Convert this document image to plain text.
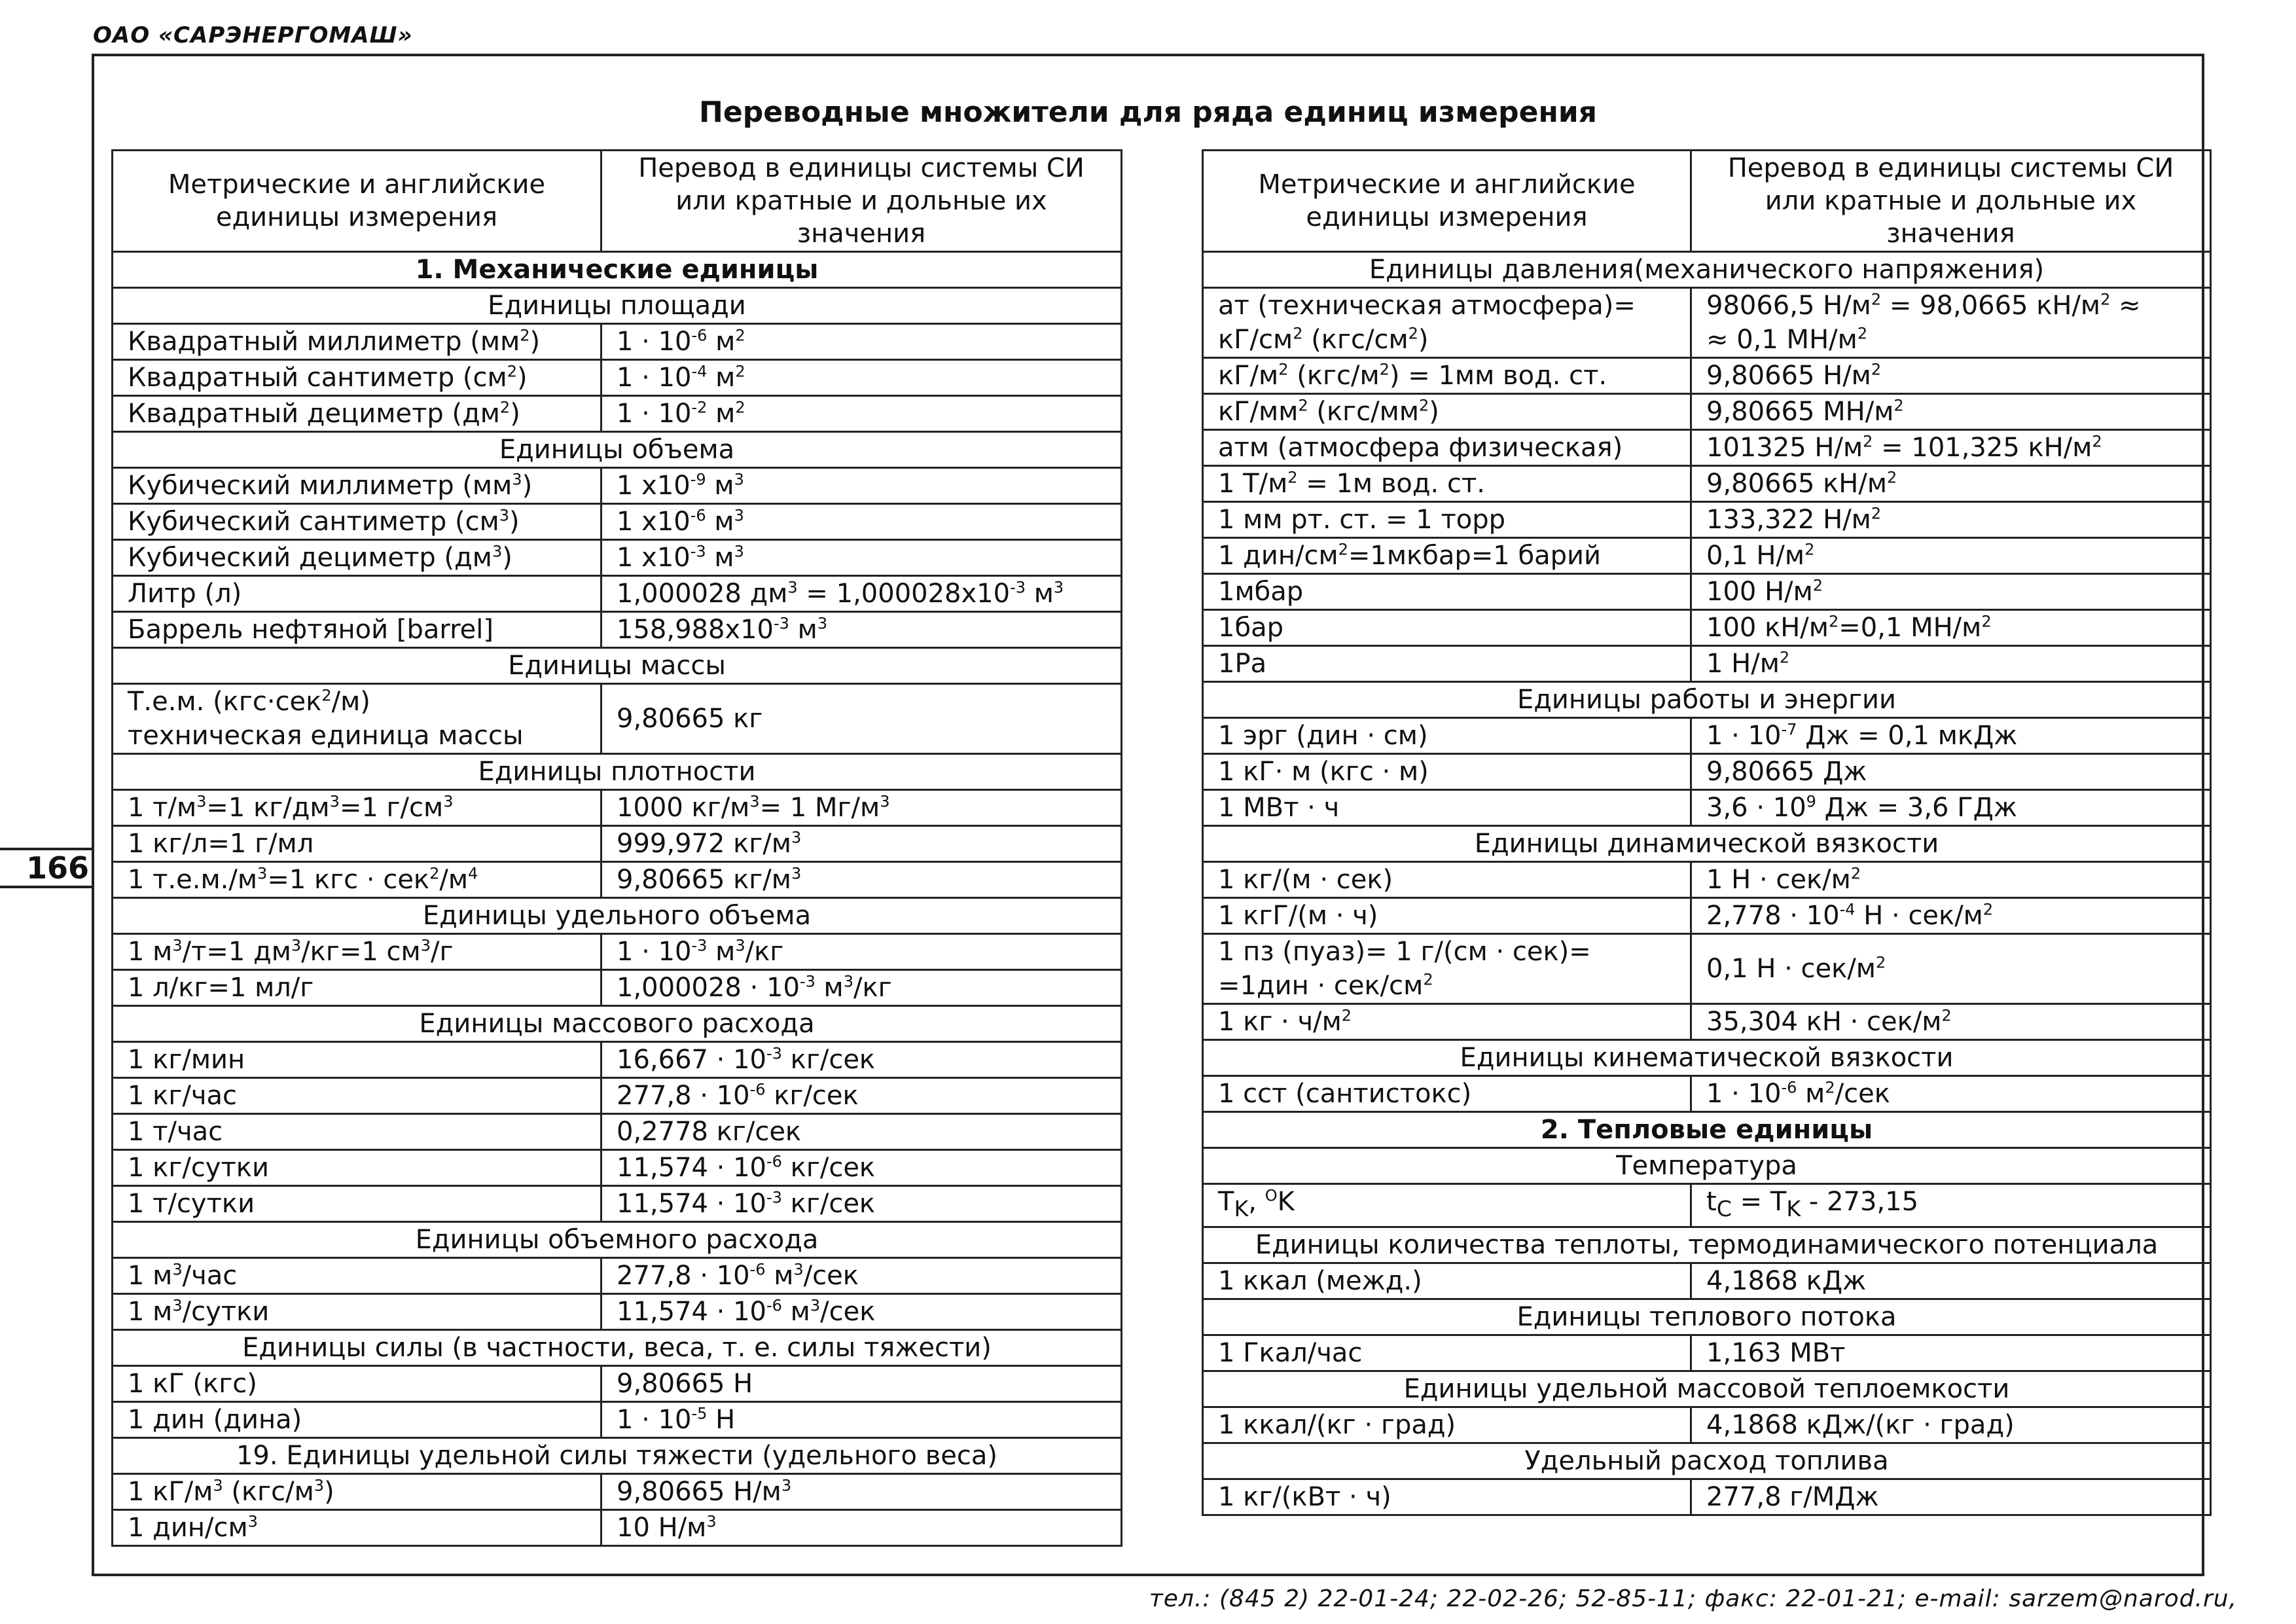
ОАО «САРЭНЕРГОМАШ»
Переводные множители для ряда единиц измерения
166
Метрические и английские единицы измерения	Перевод в единицы системы СИ или кратные и дольные их значения
1. Механические единицы	
Единицы площади	
Квадратный миллиметр $(мм^2)$	$1 \cdot 10^{-6}$ $м^2$
Квадратный сантиметр $(см^2)$	$1 \cdot 10^{-4}$ $м^2$
Квадратный дециметр $(дм^2)$	$1 \cdot 10^{-2}$ $м^2$
Единицы объема	
Кубический миллиметр $(мм^3)$	1 $x10^{-9}$ $м^3$
Кубический сантиметр $(см^3)$	1 $x10^{-6}$ $м^3$
Кубический дециметр $(дм^3)$	1 $x10^{-3}$ $м^3$
Литр (л)	1,000028 $дм^3 = 1,000028x10^{-3}$ $м^3$
Баррель нефтяной [barrel]	$158,988x10^{-3}$ $м^3$
Единицы массы	
Т.е.м. (кгс·сек$^2$/м)
техническая единица массы	9,80665 кг
Единицы плотности	
1 $т/м^3=1$ $кг/дм^3=1$ $г/см^3$	1000 $кг/м^3= 1$ $Мг/м^3$
1 кг/л=1 г/мл	999,972 $кг/м^3$
1 $т.е.м./м^3=1$ кгс · $сек^2/м^4$	9,80665 $кг/м^3$
Единицы удельного объема	
1 $м^3/т=1$ $дм^3/кг=1$ $см^3/г$	$1 \cdot 10^{-3}$ $м^3/кг$
1 л/кг=1 мл/г	$1,000028 \cdot 10^{-3}$ $м^3/кг$
Единицы массового расхода	
1 кг/мин	$16,667 \cdot 10^{-3}$ кг/сек
1 кг/час	$277,8 \cdot 10^{-6}$ кг/сек
1 т/час	0,2778 кг/сек
1 кг/сутки	$11,574 \cdot 10^{-6}$ кг/сек
1 т/сутки	$11,574 \cdot 10^{-3}$ кг/сек
Единицы объемного расхода	
1 $м^3$/час	$277,8 \cdot 10^{-6}$ $м^3$/сек
1 $м^3$/сутки	$11,574 \cdot 10^{-6}$ $м^3$/сек
Единицы силы (в частности, веса, т. е. силы тяжести)	
1 кГ (кгс)	9,80665 Н
1 дин (дина)	$1 \cdot 10^{-5}$ Н
19. Единицы удельной силы тяжести (удельного веса)	
1 $кГ/м^3$ $(кгс/м^3)$	9,80665 $Н/м^3$
1 дин/$см^3$	10 $Н/м^3$
Метрические и английские единицы измерения	Перевод в единицы системы СИ или кратные и дольные их значения
Единицы давления(механического напряжения)	
ат (техническая атмосфера)=
$кГ/см^2$ $(кгс/см^2)$	98066,5 $Н/м^2 = 98,0665$ $кН/м^2$ ≈
≈ 0,1 $МН/м^2$
$кГ/м^2$ $(кгс/м^2) = 1мм$ вод. ст.	9,80665 $Н/м^2$
$кГ/мм^2$ $(кгс/мм^2)$	9,80665 $МН/м^2$
атм (атмосфера физическая)	101325 $Н/м^2 = 101,325$ $кН/м^2$
1 $Т/м^2 = 1м$ вод. ст.	9,80665 $кН/м^2$
1 мм рт. ст. = 1 торр	133,322 $Н/м^2$
1 дин/$см^2=1мкбар=1$ барий	0,1 $Н/м^2$
1мбар	100 $Н/м^2$
1бар	100 $кН/м^2=0,1$ $МН/м^2$
1Ра	1 $Н/м^2$
Единицы работы и энергии	
1 эрг (дин · см)	$1 \cdot 10^{-7}$ Дж = 0,1 мкДж
1 кГ· м (кгс · м)	9,80665 Дж
1 МВт · ч	$3,6 \cdot 10^9$ Дж = 3,6 ГДж
Единицы динамической вязкости	
1 кг/(м · сек)	1 Н · сек/$м^2$
1 кгГ/(м · ч)	$2,778 \cdot 10^{-4}$ Н · сек/$м^2$
1 пз (пуаз)= 1 г/(см · сек)=
=1дин · сек/$см^2$	0,1 Н · сек/$м^2$
1 кг · $ч/м^2$	35,304 кН · сек/$м^2$
Единицы кинематической вязкости	
1 сст (сантистокс)	$1 \cdot 10^{-6}$ $м^2$/сек
2. Тепловые единицы	
Температура	
$T_K$, $^O$K	$t_C = T_K - 273,15$
Единицы количества теплоты, термодинамического потенциала	
1 ккал (межд.)	4,1868 кДж
Единицы теплового потока	
1 Гкал/час	1,163 МВт
Единицы удельной массовой теплоемкости	
1 ккал/(кг · град)	4,1868 кДж/(кг · град)
Удельный расход топлива	
1 кг/(кВт · ч)	277,8 г/МДж
тел.: (845 2) 22-01-24; 22-02-26; 52-85-11; факс: 22-01-21; e-mail: sarzem@narod.ru,
